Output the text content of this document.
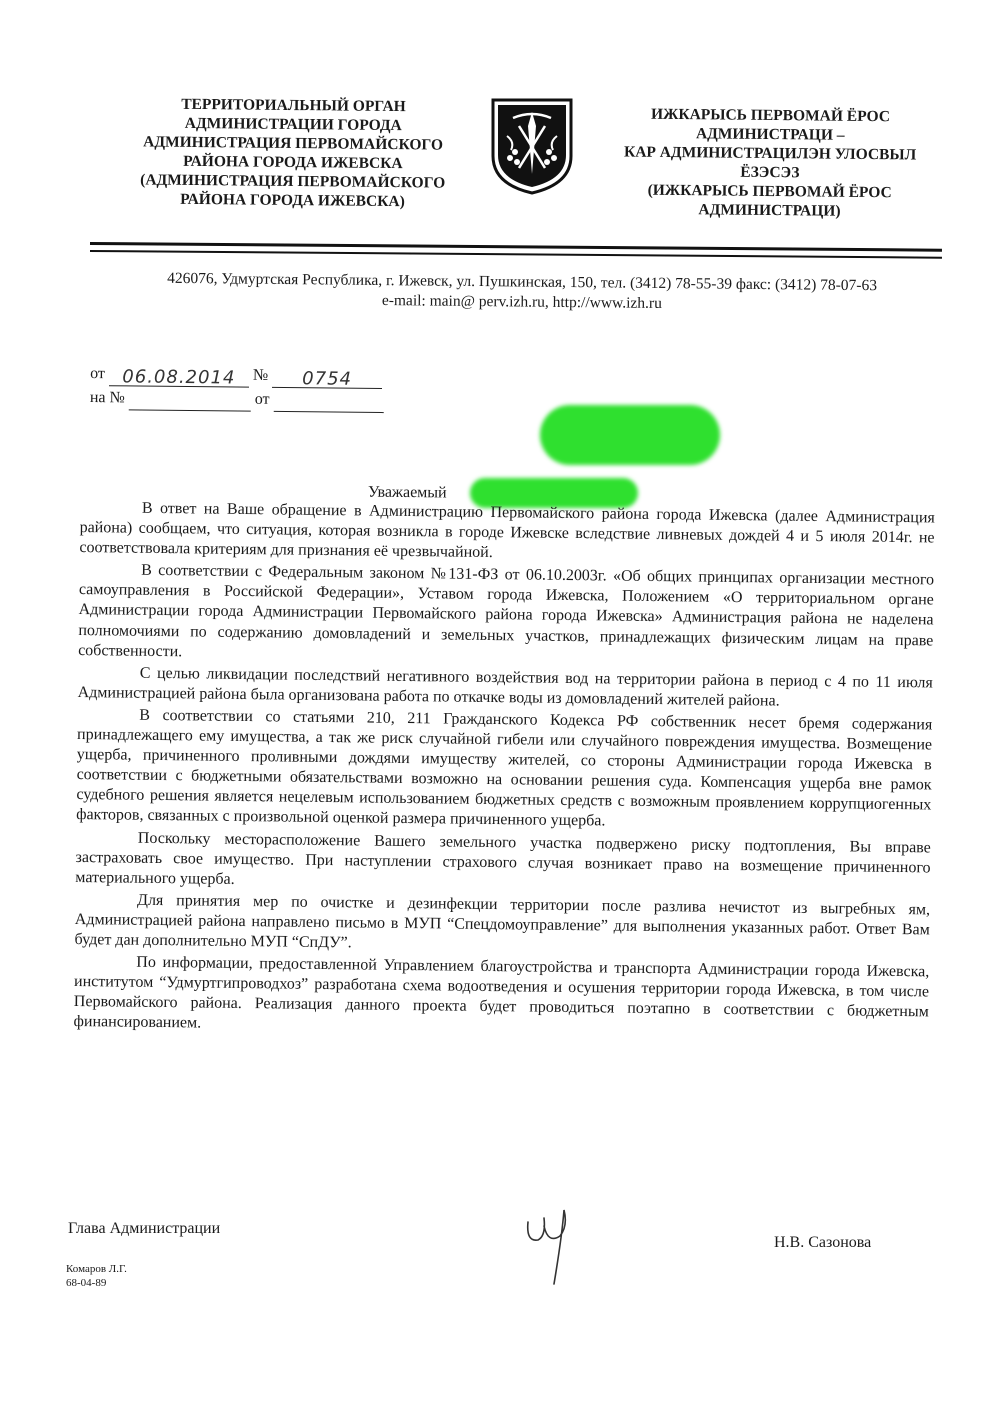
ТЕРРИТОРИАЛЬНЫЙ ОРГАН
АДМИНИСТРАЦИИ ГОРОДА
АДМИНИСТРАЦИЯ ПЕРВОМАЙСКОГО
РАЙОНА ГОРОДА ИЖЕВСКА
(АДМИНИСТРАЦИЯ ПЕРВОМАЙСКОГО
РАЙОНА ГОРОДА ИЖЕВСКА)
ИЖКАРЫСЬ ПЕРВОМАЙ ЁРОС
АДМИНИСТРАЦИ –
КАР АДМИНИСТРАЦИЛЭН УЛОСВЫЛ
ЁЗЭСЭЗ
(ИЖКАРЫСЬ ПЕРВОМАЙ ЁРОС
АДМИНИСТРАЦИ)
426076, Удмуртская Республика, г. Ижевск, ул. Пушкинская, 150, тел. (3412) 78-55-39 факс: (3412) 78-07-63
e-mail: main@ perv.izh.ru, http://www.izh.ru
от 06.08.2014 № 0754
на №	от
Уважаемый

В ответ на Ваше обращение в Администрацию Первомайского района города Ижевска (далее Администрация района) сообщаем, что ситуация, которая возникла в городе Ижевске вследствие ливневых дождей 4 и 5 июля 2014г. не соответствовала критериям для признания её чрезвычайной.

В соответствии с Федеральным законом №131-ФЗ от 06.10.2003г. «Об общих принципах организации местного самоуправления в Российской Федерации», Уставом города Ижевска, Положением «О территориальном органе Администрации города Администрации Первомайского района города Ижевска» Администрация района не наделена полномочиями по содержанию домовладений и земельных участков, принадлежащих физическим лицам на праве собственности.

С целью ликвидации последствий негативного воздействия вод на территории района в период с 4 по 11 июля Администрацией района была организована работа по откачке воды из домовладений жителей района.

В соответствии со статьями 210, 211 Гражданского Кодекса РФ собственник несет бремя содержания принадлежащего ему имущества, а так же риск случайной гибели или случайного повреждения имущества. Возмещение ущерба, причиненного проливными дождями имуществу жителей, со стороны Администрации города Ижевска в соответствии с бюджетными обязательствами возможно на основании решения суда. Компенсация ущерба вне рамок судебного решения является нецелевым использованием бюджетных средств с возможным проявлением коррупциогенных факторов, связанных с произвольной оценкой размера причиненного ущерба.

Поскольку месторасположение Вашего земельного участка подвержено риску подтопления, Вы вправе застраховать свое имущество. При наступлении страхового случая возникает право на возмещение причиненного материального ущерба.

Для принятия мер по очистке и дезинфекции территории после разлива нечистот из выгребных ям, Администрацией района направлено письмо в МУП “Спецдомоуправление” для выполнения указанных работ. Ответ Вам будет дан дополнительно МУП “СпДУ”.

По информации, предоставленной Управлением благоустройства и транспорта Администрации города Ижевска, институтом “Удмуртгипроводхоз” разработана схема водоотведения и осушения территории города Ижевска, в том числе Первомайского района. Реализация данного проекта будет проводиться поэтапно в соответствии с бюджетным финансированием.

Глава Администрации
Н.В. Сазонова
Комаров Л.Г.
68-04-89
